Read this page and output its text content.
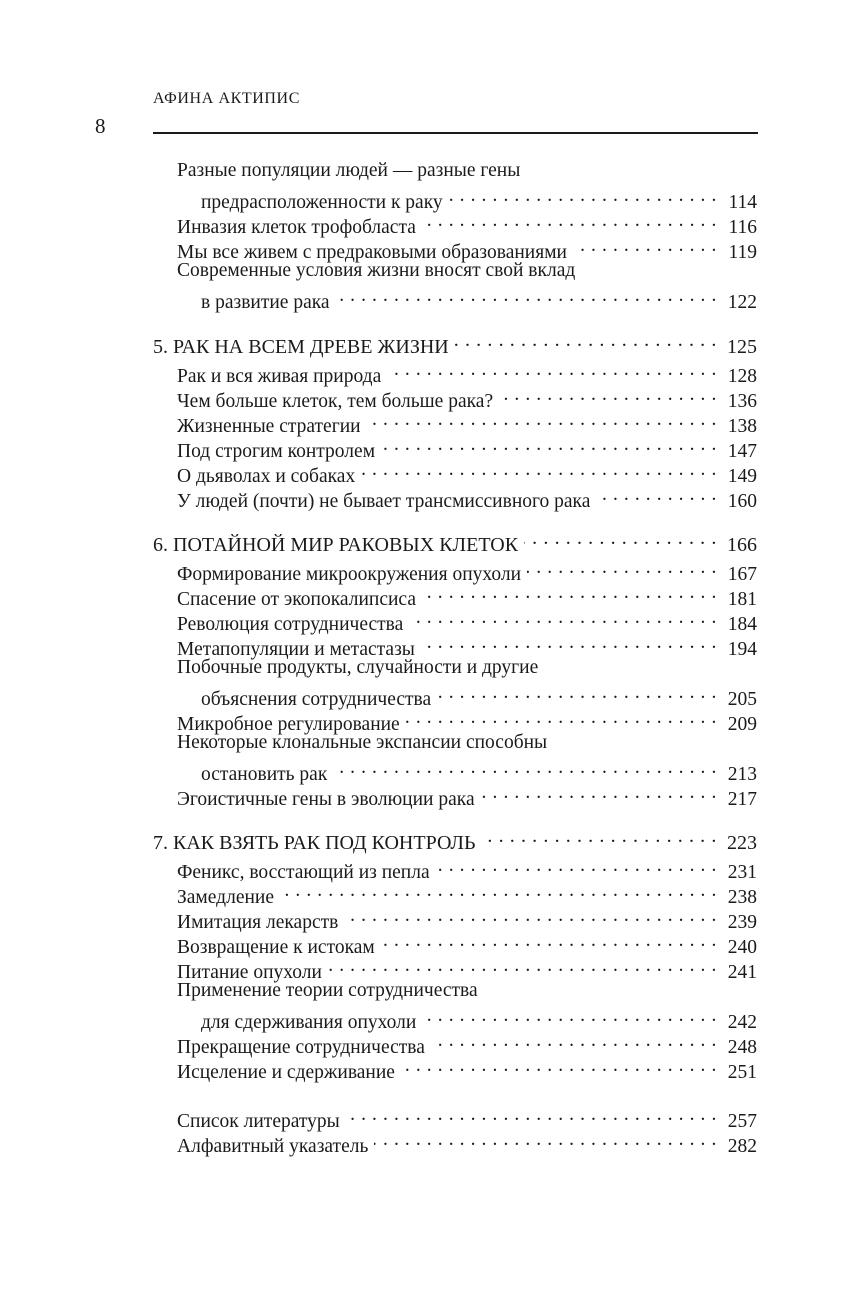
8
АФИНА АКТИПИС
Разные популяции людей — разные гены
предрасположенности к раку . . .	114
Инвазия клеток трофобласта . . .	116
Мы все живем с предраковыми образованиями . . .	119
Современные условия жизни вносят свой вклад
в развитие рака . . .	122
5. РАК НА ВСЕМ ДРЕВЕ ЖИЗНИ . . .	125
Рак и вся живая природа . . .	128
Чем больше клеток, тем больше рака? . . .	136
Жизненные стратегии . . .	138
Под строгим контролем . . .	147
О дьяволах и собаках . . .	149
У людей (почти) не бывает трансмиссивного рака . . .	160
6. ПОТАЙНОЙ МИР РАКОВЫХ КЛЕТОК . . .	166
Формирование микроокружения опухоли . . .	167
Спасение от экопокалипсиса . . .	181
Революция сотрудничества . . .	184
Метапопуляции и метастазы . . .	194
Побочные продукты, случайности и другие
объяснения сотрудничества . . .	205
Микробное регулирование . . .	209
Некоторые клональные экспансии способны
остановить рак . . .	213
Эгоистичные гены в эволюции рака . . .	217
7. КАК ВЗЯТЬ РАК ПОД КОНТРОЛЬ . . .	223
Феникс, восстающий из пепла . . .	231
Замедление . . .	238
Имитация лекарств . . .	239
Возвращение к истокам . . .	240
Питание опухоли . . .	241
Применение теории сотрудничества
для сдерживания опухоли . . .	242
Прекращение сотрудничества . . .	248
Исцеление и сдерживание . . .	251
Список литературы . . .	257
Алфавитный указатель . . .	282
